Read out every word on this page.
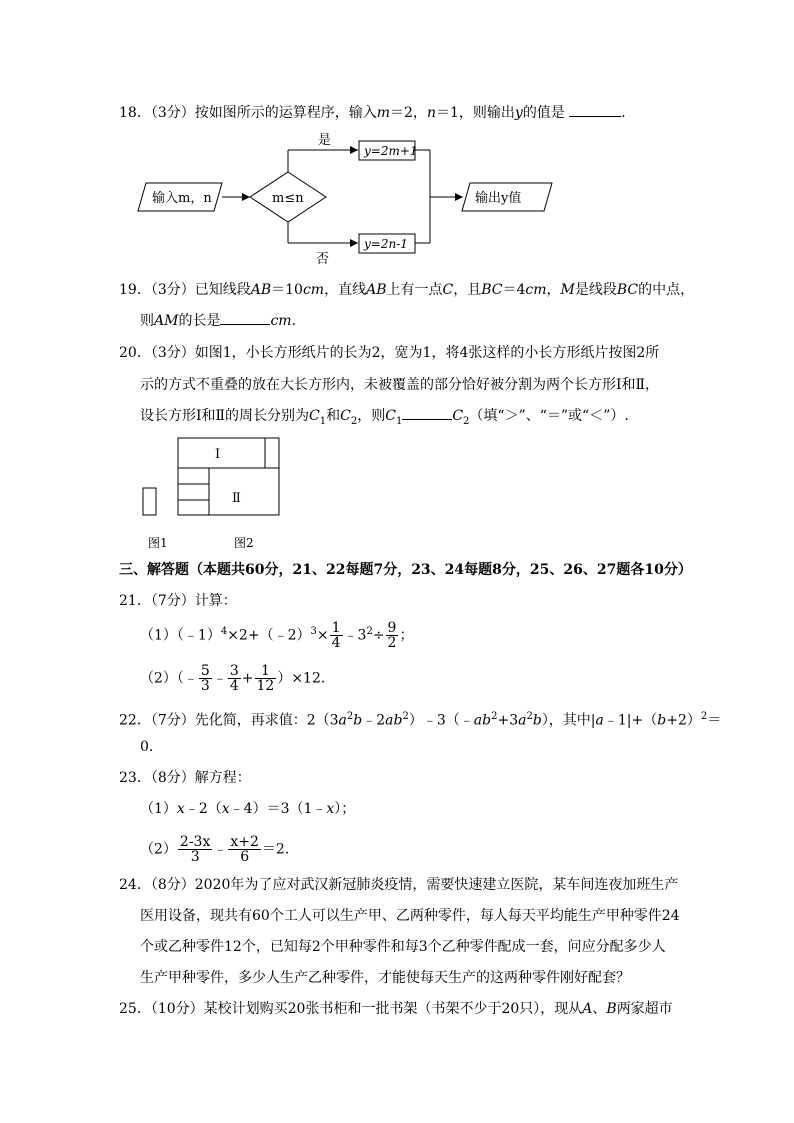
18．（3分）按如图所示的运算程序，输入m＝2，n＝1，则输出y的值是	.
输入m，n	m≤n
是
y=2m+1
否
y=2n-1
输出y值
19．（3分）已知线段AB＝10cm，直线AB上有一点C，且BC＝4cm，M是线段BC的中点，
则AM的长是	cm.
20．（3分）如图1，小长方形纸片的长为2，宽为1，将4张这样的小长方形纸片按图2所
示的方式不重叠的放在大长方形内，未被覆盖的部分恰好被分割为两个长方形Ⅰ和Ⅱ，
设长方形Ⅰ和Ⅱ的周长分别为$C_1$和$C_2$，则$C_1$	$C_2$（填“＞”、“＝”或“＜”）.
Ⅰ
Ⅱ
图1	图2
三、解答题（本题共60分，21、22每题7分，23、24每题8分，25、26、27题各10分）
21．（7分）计算：
（1）（﹣1）$^4$×2+（﹣2）$^3$× $\frac{1}{4}$ $﹣3^2\div \frac{9}{2}$ ；
（2）（﹣ $\frac{5}{3}$ ﹣ $\frac{3}{4} + \frac{1}{12} )\times 12$.
22．（7分）先化简，再求值：$2(3a^2b﹣2ab^2)﹣3(﹣ab^2+3a^2b)$，其中$|a﹣1|+(b+2)^2=$
0.
23．（8分）解方程：
（1）x﹣2（x﹣4）＝3（1﹣x）；
$(2) \frac{2-3x}{3}$ ﹣ $\frac{x+2}{6} =2$.
24．（8分）2020年为了应对武汉新冠肺炎疫情，需要快速建立医院，某车间连夜加班生产
医用设备，现共有60个工人可以生产甲、乙两种零件，每人每天平均能生产甲种零件24
个或乙种零件12个，已知每2个甲种零件和每3个乙种零件配成一套，问应分配多少人
生产甲种零件，多少人生产乙种零件，才能使每天生产的这两种零件刚好配套？
25．（10分）某校计划购买20张书柜和一批书架（书架不少于20只），现从A、B两家超市
